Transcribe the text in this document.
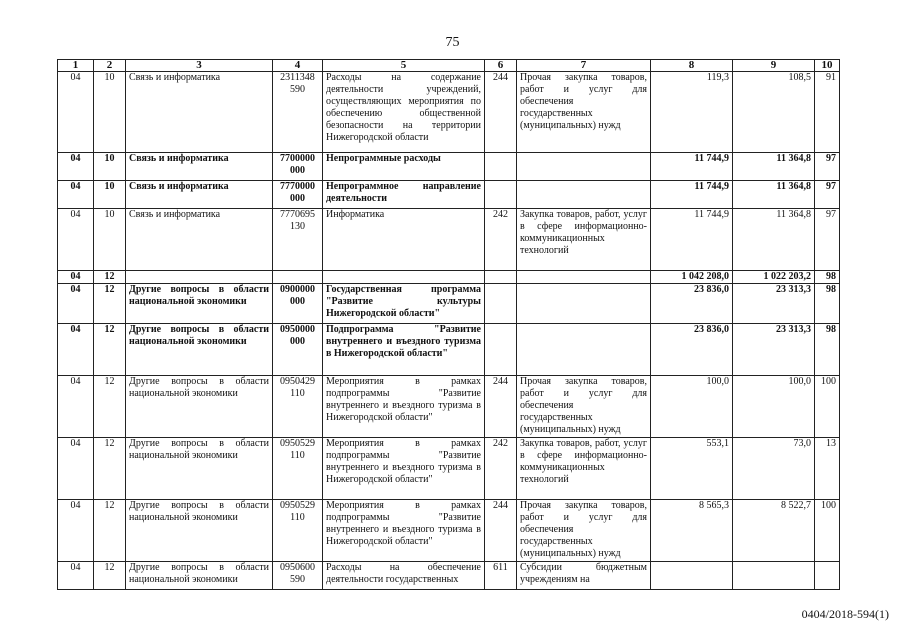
75
1	2	3	4	5	6	7	8	9	10
04	10	Связь и информатика	2311348 590	Расходы на содержание деятельности учреждений, осуществляющих мероприятия по обеспечению общественной безопасности на территории Нижегородской области	244	Прочая закупка товаров, работ и услуг для обеспечения государственных (муниципальных) нужд	119,3	108,5	91
04	10	Связь и информатика	7700000 000	Непрограммные расходы			11 744,9	11 364,8	97
04	10	Связь и информатика	7770000 000	Непрограммное направление деятельности			11 744,9	11 364,8	97
04	10	Связь и информатика	7770695 130	Информатика	242	Закупка товаров, работ, услуг в сфере информационно-коммуникационных технологий	11 744,9	11 364,8	97
04	12						1 042 208,0	1 022 203,2	98
04	12	Другие вопросы в области национальной экономики	0900000 000	Государственная программа "Развитие культуры Нижегородской области"			23 836,0	23 313,3	98
04	12	Другие вопросы в области национальной экономики	0950000 000	Подпрограмма "Развитие внутреннего и въездного туризма в Нижегородской области"			23 836,0	23 313,3	98
04	12	Другие вопросы в области национальной экономики	0950429 110	Мероприятия в рамках подпрограммы "Развитие внутреннего и въездного туризма в Нижегородской области"	244	Прочая закупка товаров, работ и услуг для обеспечения государственных (муниципальных) нужд	100,0	100,0	100
04	12	Другие вопросы в области национальной экономики	0950529 110	Мероприятия в рамках подпрограммы "Развитие внутреннего и въездного туризма в Нижегородской области"	242	Закупка товаров, работ, услуг в сфере информационно-коммуникационных технологий	553,1	73,0	13
04	12	Другие вопросы в области национальной экономики	0950529 110	Мероприятия в рамках подпрограммы "Развитие внутреннего и въездного туризма в Нижегородской области"	244	Прочая закупка товаров, работ и услуг для обеспечения государственных (муниципальных) нужд	8 565,3	8 522,7	100
04	12	Другие вопросы в области национальной экономики	0950600 590	Расходы на обеспечение деятельности государственных	611	Субсидии бюджетным учреждениям на			
0404/2018-594(1)
